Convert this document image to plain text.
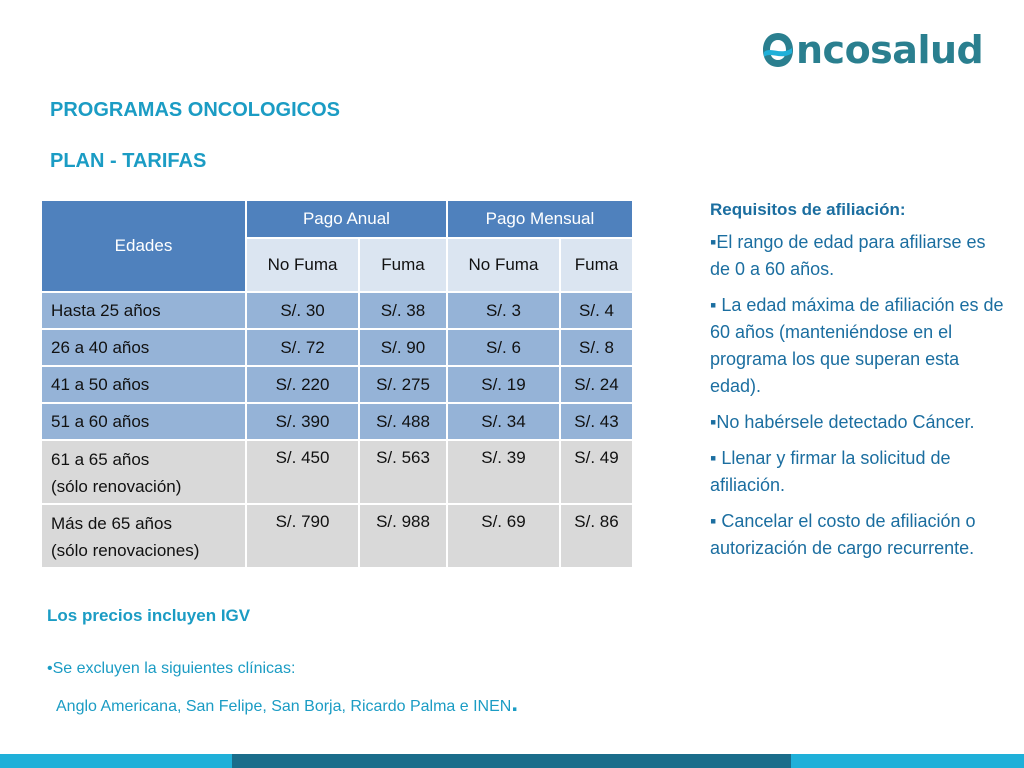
ncosalud
PROGRAMAS ONCOLOGICOS
PLAN - TARIFAS
Edades	Pago Anual		Pago Mensual	
	No Fuma	Fuma	No Fuma	Fuma
Hasta 25 años	S/. 30	S/. 38	S/. 3	S/. 4
26 a 40 años	S/. 72	S/. 90	S/. 6	S/. 8
41 a 50 años	S/. 220	S/. 275	S/. 19	S/. 24
51 a 60 años	S/. 390	S/. 488	S/. 34	S/. 43
61 a 65 años
(sólo renovación)	S/. 450	S/. 563	S/. 39	S/. 49
Más de 65 años
(sólo renovaciones)	S/. 790	S/. 988	S/. 69	S/. 86
Los precios incluyen IGV
•Se excluyen la siguientes clínicas:
Anglo Americana, San Felipe, San Borja, Ricardo Palma e INEN.
Requisitos de afiliación:
▪El rango de edad para afiliarse es de 0 a 60 años.
▪ La edad máxima de afiliación es de 60 años (manteniéndose en el programa los que superan esta edad).
▪No habérsele detectado Cáncer.
▪ Llenar y firmar la solicitud de afiliación.
▪ Cancelar el costo de afiliación o autorización de cargo recurrente.
